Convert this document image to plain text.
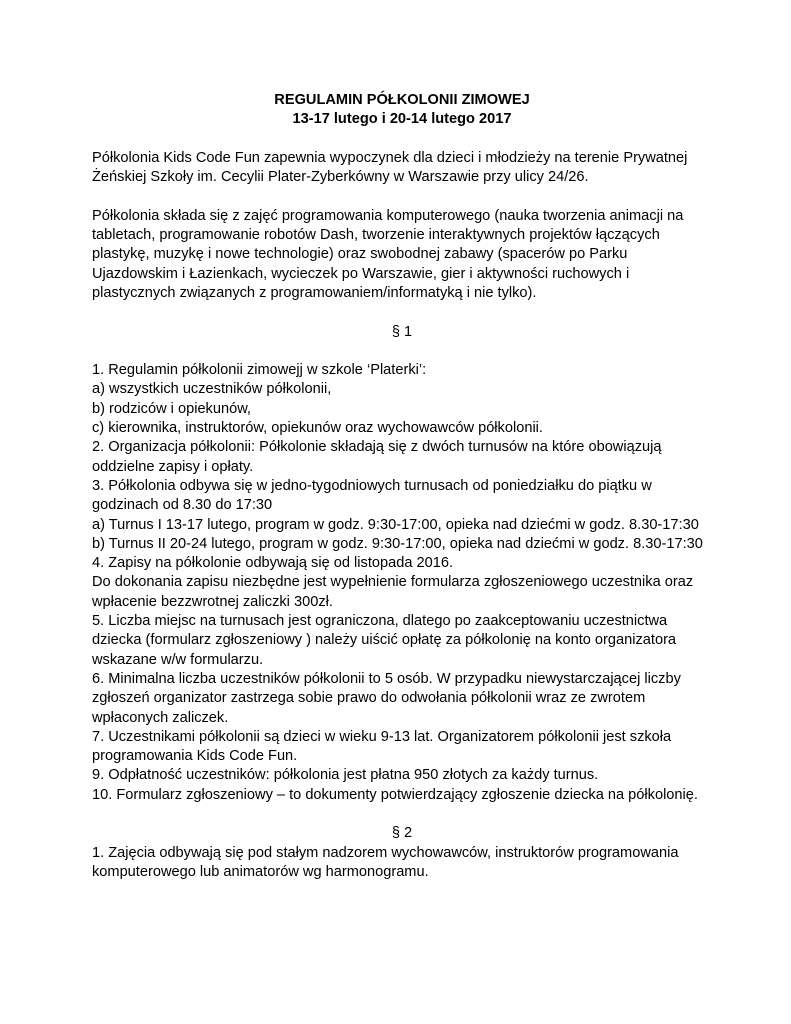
REGULAMIN PÓŁKOLONII ZIMOWEJ

13-17 lutego i 20-14 lutego 2017

Półkolonia Kids Code Fun zapewnia wypoczynek dla dzieci i młodzieży na terenie Prywatnej

Żeńskiej Szkoły im. Cecylii Plater-Zyberkówny w Warszawie przy ulicy 24/26.

Półkolonia składa się z zajęć programowania komputerowego (nauka tworzenia animacji na

tabletach, programowanie robotów Dash, tworzenie interaktywnych projektów łączących

plastykę, muzykę i nowe technologie) oraz swobodnej zabawy (spacerów po Parku

Ujazdowskim i Łazienkach, wycieczek po Warszawie, gier i aktywności ruchowych i

plastycznych związanych z programowaniem/informatyką i nie tylko).

§ 1

1. Regulamin półkolonii zimowejj w szkole ‘Platerki’:

a) wszystkich uczestników półkolonii,

b) rodziców i opiekunów,

c) kierownika, instruktorów, opiekunów oraz wychowawców półkolonii.

2. Organizacja półkolonii: Półkolonie składają się z dwóch turnusów na które obowiązują

oddzielne zapisy i opłaty.

3. Półkolonia odbywa się w jedno-tygodniowych turnusach od poniedziałku do piątku w

godzinach od 8.30 do 17:30

a) Turnus I 13-17 lutego, program w godz. 9:30-17:00, opieka nad dziećmi w godz. 8.30-17:30

b) Turnus II 20-24 lutego, program w godz. 9:30-17:00, opieka nad dziećmi w godz. 8.30-17:30

4. Zapisy na półkolonie odbywają się od listopada 2016.

Do dokonania zapisu niezbędne jest wypełnienie formularza zgłoszeniowego uczestnika oraz

wpłacenie bezzwrotnej zaliczki 300zł.

5. Liczba miejsc na turnusach jest ograniczona, dlatego po zaakceptowaniu uczestnictwa

dziecka (formularz zgłoszeniowy ) należy uiścić opłatę za półkolonię na konto organizatora

wskazane w/w formularzu.

6. Minimalna liczba uczestników półkolonii to 5 osób. W przypadku niewystarczającej liczby

zgłoszeń organizator zastrzega sobie prawo do odwołania półkolonii wraz ze zwrotem

wpłaconych zaliczek.

7. Uczestnikami półkolonii są dzieci w wieku 9-13 lat. Organizatorem półkolonii jest szkoła

programowania Kids Code Fun.

9. Odpłatność uczestników: półkolonia jest płatna 950 złotych za każdy turnus.

10. Formularz zgłoszeniowy – to dokumenty potwierdzający zgłoszenie dziecka na półkolonię.

§ 2

1. Zajęcia odbywają się pod stałym nadzorem wychowawców, instruktorów programowania

komputerowego lub animatorów wg harmonogramu.
